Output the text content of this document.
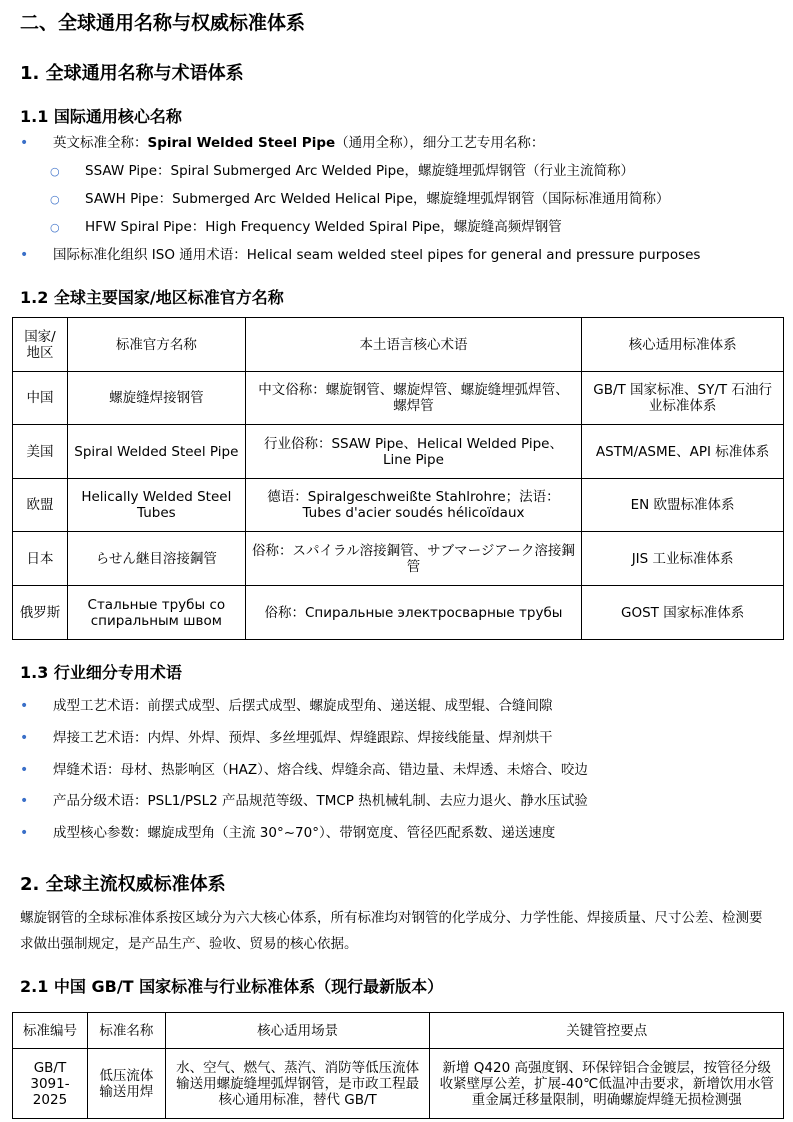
二、全球通用名称与权威标准体系
1. 全球通用名称与术语体系
1.1 国际通用核心名称
• 英文标准全称：Spiral Welded Steel Pipe（通用全称），细分工艺专用名称：
○ SSAW Pipe：Spiral Submerged Arc Welded Pipe，螺旋缝埋弧焊钢管（行业主流简称）
○ SAWH Pipe：Submerged Arc Welded Helical Pipe，螺旋缝埋弧焊钢管（国际标准通用简称）
○ HFW Spiral Pipe：High Frequency Welded Spiral Pipe，螺旋缝高频焊钢管
• 国际标准化组织 ISO 通用术语：Helical seam welded steel pipes for general and pressure purposes
1.2 全球主要国家/地区标准官方名称
国家/地区	标准官方名称	本土语言核心术语	核心适用标准体系
中国	螺旋缝焊接钢管	中文俗称：螺旋钢管、螺旋焊管、螺旋缝埋弧焊管、螺焊管	GB/T 国家标准、SY/T 石油行业标准体系
美国	Spiral Welded Steel Pipe	行业俗称：SSAW Pipe、Helical Welded Pipe、Line Pipe	ASTM/ASME、API 标准体系
欧盟	Helically Welded Steel Tubes	德语：Spiralgeschweißte Stahlrohre；法语：Tubes d'acier soudés hélicoïdaux	EN 欧盟标准体系
日本	らせん継目溶接鋼管	俗称：スパイラル溶接鋼管、サブマージアーク溶接鋼管	JIS 工业标准体系
俄罗斯	Стальные трубы со спиральным швом	俗称：Спиральные электросварные трубы	GOST 国家标准体系
1.3 行业细分专用术语
• 成型工艺术语：前摆式成型、后摆式成型、螺旋成型角、递送辊、成型辊、合缝间隙
• 焊接工艺术语：内焊、外焊、预焊、多丝埋弧焊、焊缝跟踪、焊接线能量、焊剂烘干
• 焊缝术语：母材、热影响区（HAZ）、熔合线、焊缝余高、错边量、未焊透、未熔合、咬边
• 产品分级术语：PSL1/PSL2 产品规范等级、TMCP 热机械轧制、去应力退火、静水压试验
• 成型核心参数：螺旋成型角（主流 30°~70°）、带钢宽度、管径匹配系数、递送速度
2. 全球主流权威标准体系
螺旋钢管的全球标准体系按区域分为六大核心体系，所有标准均对钢管的化学成分、力学性能、焊接质量、尺寸公差、检测要求做出强制规定，是产品生产、验收、贸易的核心依据。
2.1 中国 GB/T 国家标准与行业标准体系（现行最新版本）
标准编号	标准名称	核心适用场景	关键管控要点
GB/T 3091-2025	低压流体输送用焊	水、空气、燃气、蒸汽、消防等低压流体输送用螺旋缝埋弧焊钢管，是市政工程最核心通用标准，替代 GB/T	新增 Q420 高强度钢、环保锌铝合金镀层，按管径分级收紧壁厚公差，扩展-40℃低温冲击要求，新增饮用水管重金属迁移量限制，明确螺旋焊缝无损检测强
